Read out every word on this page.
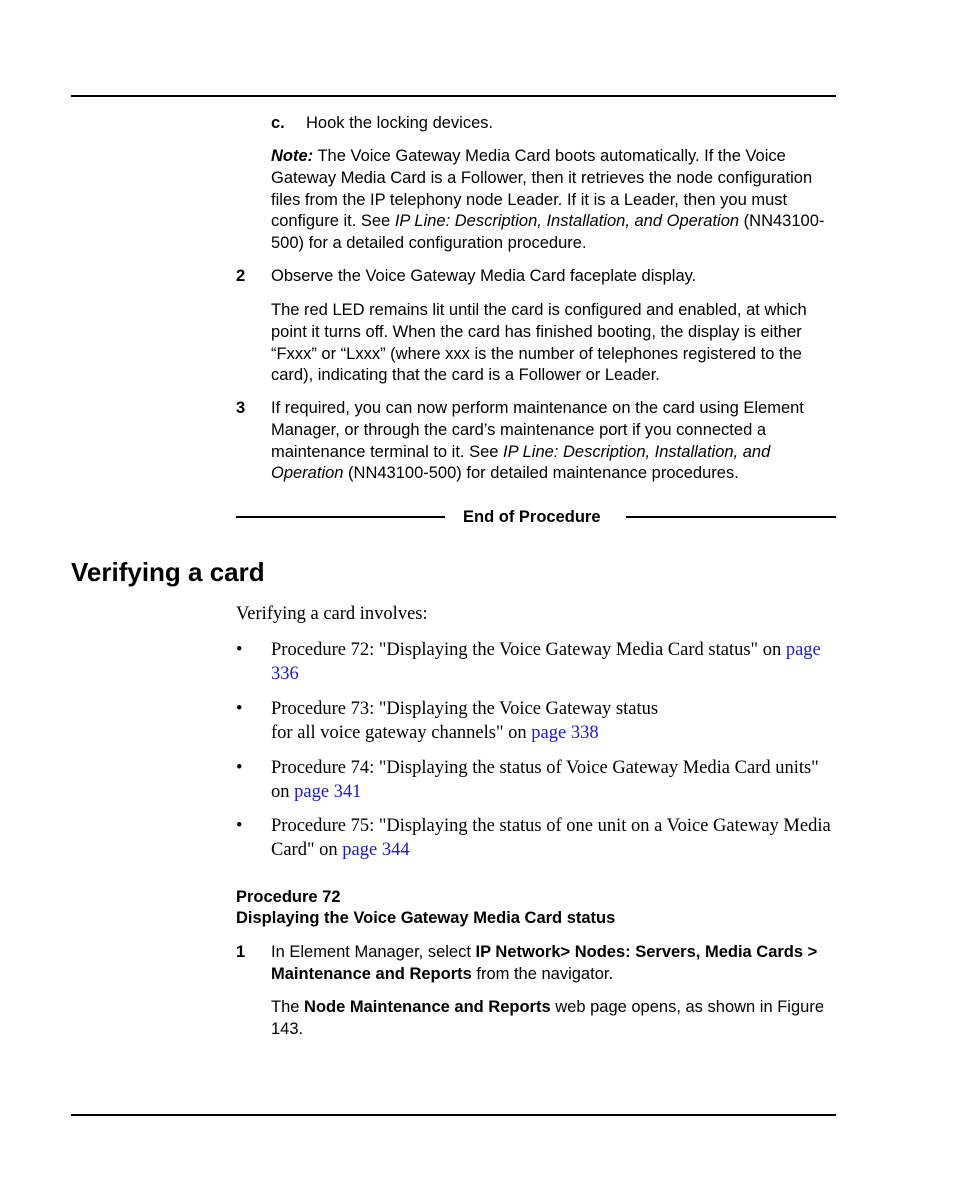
c. Hook the locking devices.
Note: The Voice Gateway Media Card boots automatically. If the Voice Gateway Media Card is a Follower, then it retrieves the node configuration files from the IP telephony node Leader. If it is a Leader, then you must configure it. See IP Line: Description, Installation, and Operation (NN43100-500) for a detailed configuration procedure.
2 Observe the Voice Gateway Media Card faceplate display.
The red LED remains lit until the card is configured and enabled, at which point it turns off. When the card has finished booting, the display is either “Fxxx” or “Lxxx” (where xxx is the number of telephones registered to the card), indicating that the card is a Follower or Leader.
3 If required, you can now perform maintenance on the card using Element Manager, or through the card’s maintenance port if you connected a maintenance terminal to it. See IP Line: Description, Installation, and Operation (NN43100-500) for detailed maintenance procedures.
End of Procedure
Verifying a card
Verifying a card involves:
• Procedure 72: "Displaying the Voice Gateway Media Card status" on page 336
• Procedure 73: "Displaying the Voice Gateway status
for all voice gateway channels" on page 338
• Procedure 74: "Displaying the status of Voice Gateway Media Card units" on page 341
• Procedure 75: "Displaying the status of one unit on a Voice Gateway Media Card" on page 344
Procedure 72
Displaying the Voice Gateway Media Card status
1 In Element Manager, select IP Network> Nodes: Servers, Media Cards > Maintenance and Reports from the navigator.
The Node Maintenance and Reports web page opens, as shown in Figure 143.
